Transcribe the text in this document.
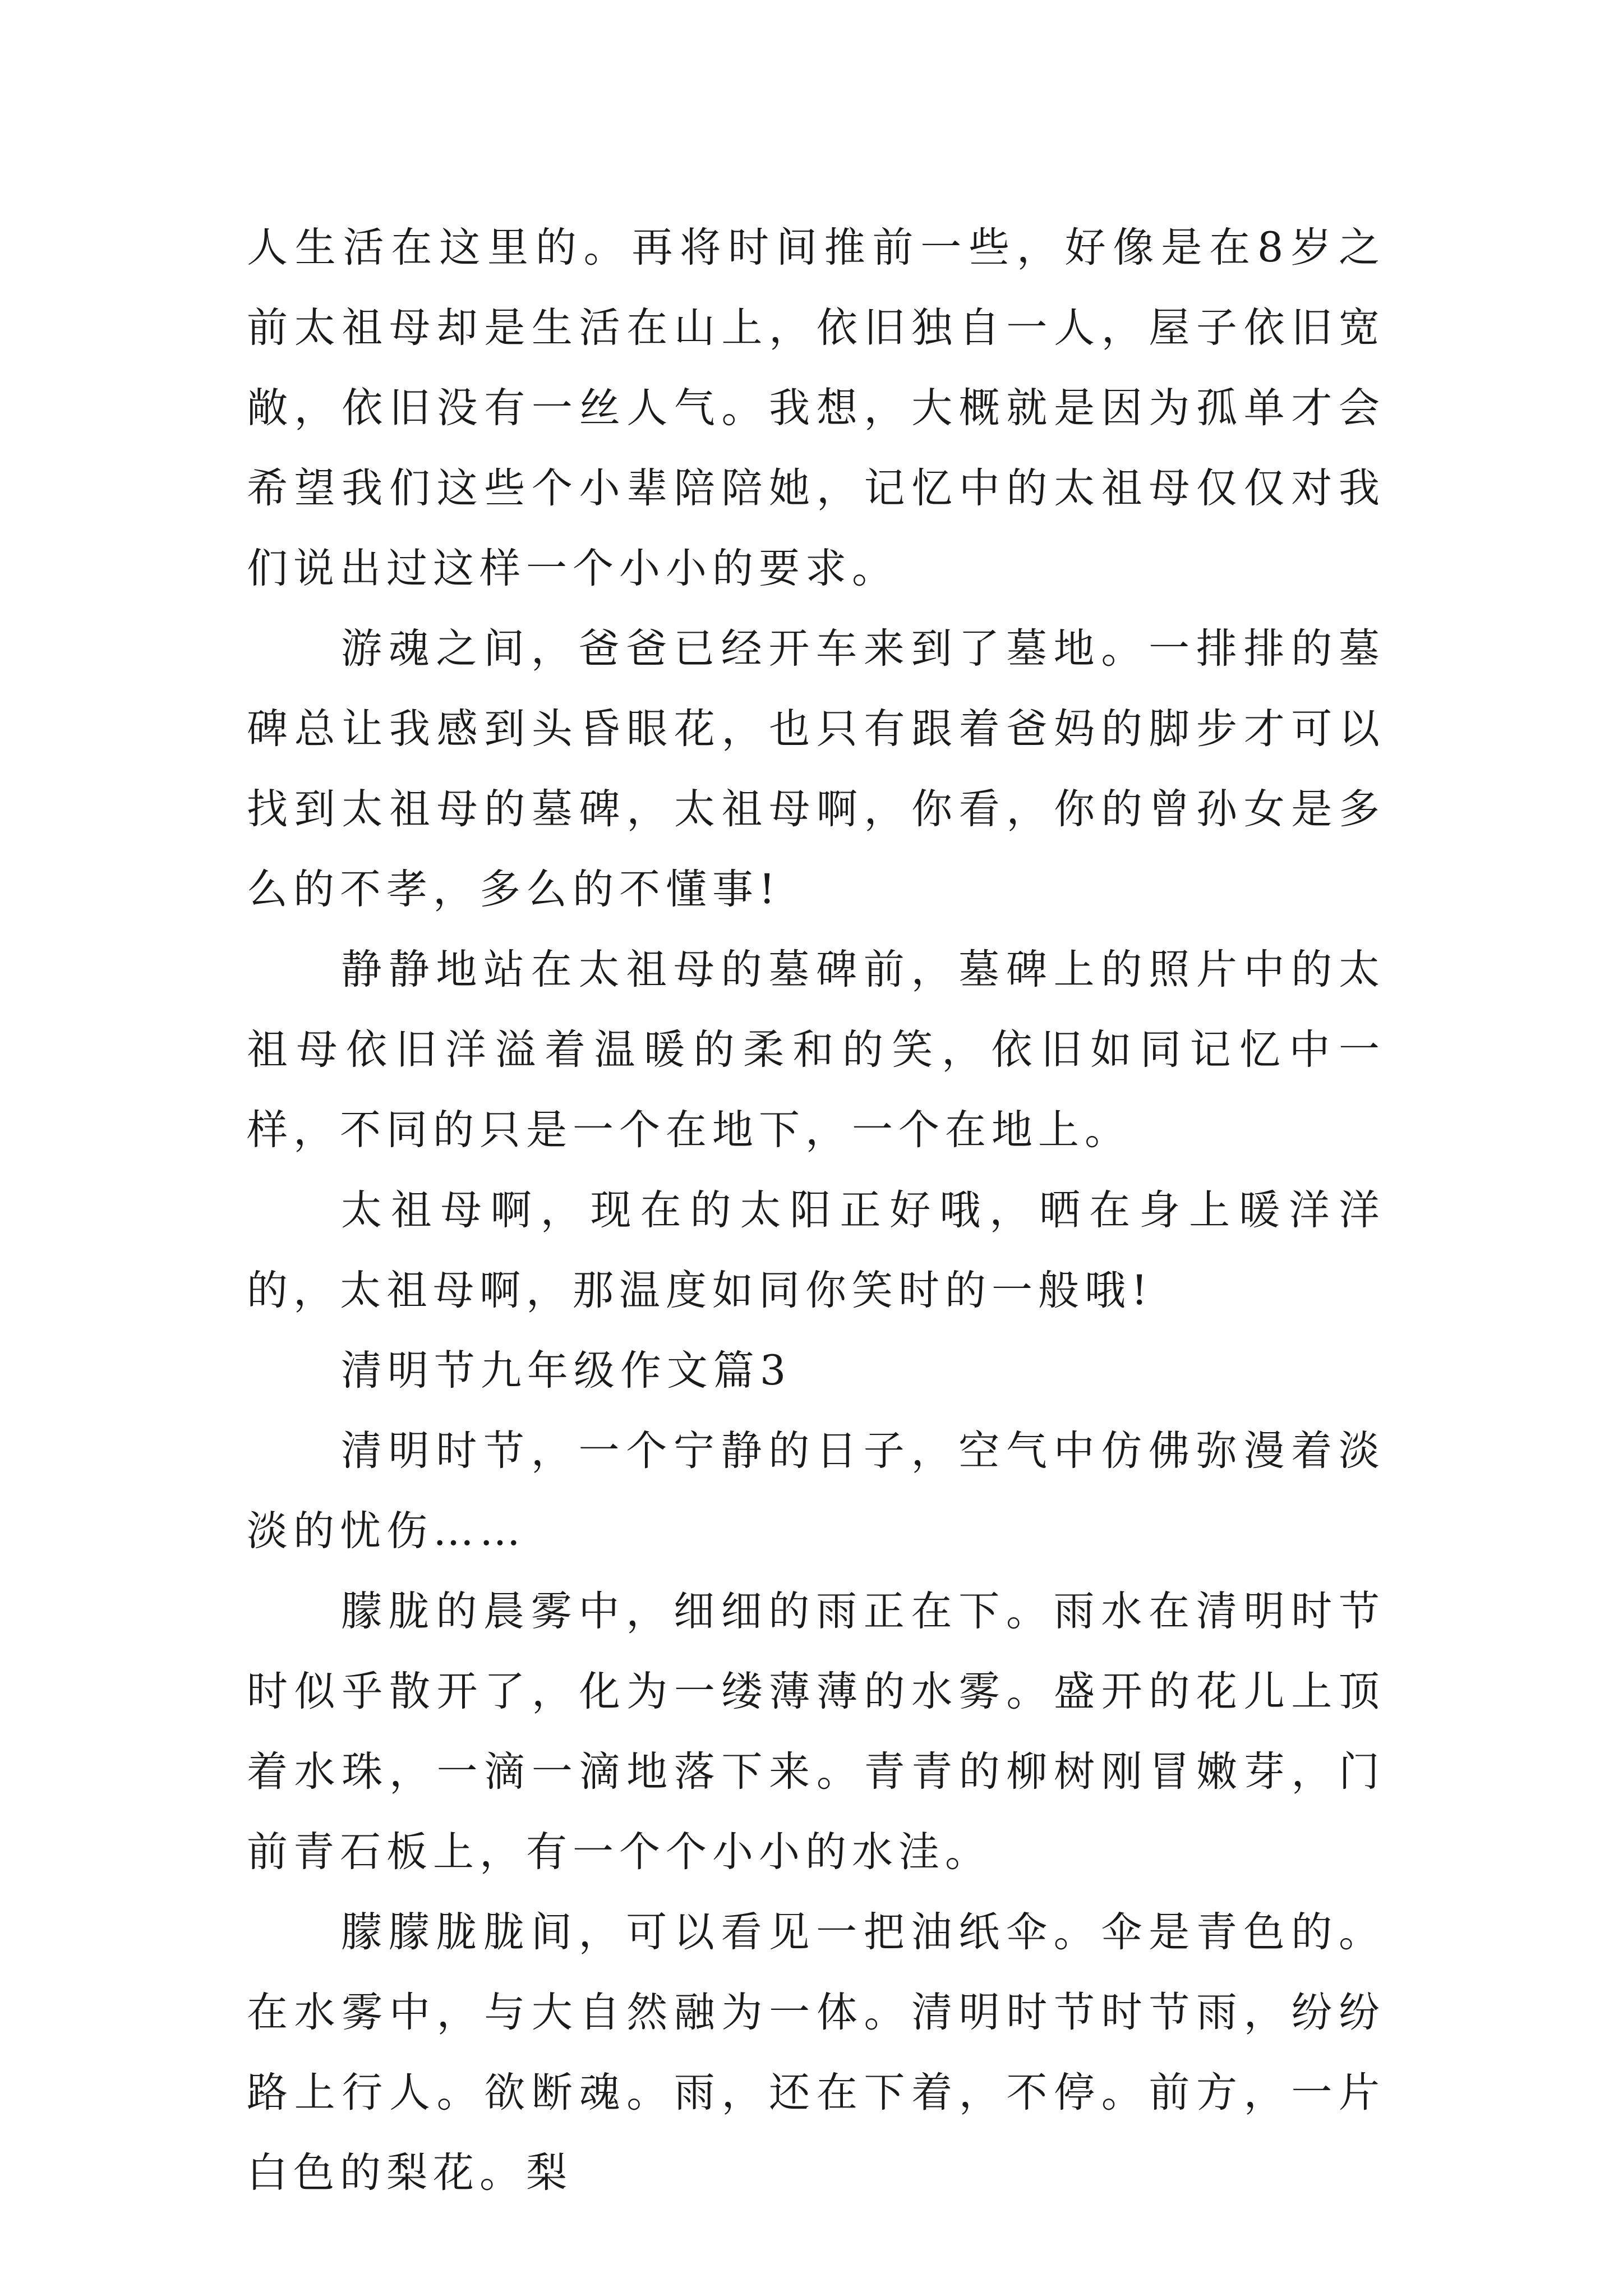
人生活在这里的。再将时间推前一些，好像是在8岁之前太祖母却是生活在山上，依旧独自一人，屋子依旧宽敞，依旧没有一丝人气。我想，大概就是因为孤单才会希望我们这些个小辈陪陪她，记忆中的太祖母仅仅对我们说出过这样一个小小的要求。

游魂之间，爸爸已经开车来到了墓地。一排排的墓碑总让我感到头昏眼花，也只有跟着爸妈的脚步才可以找到太祖母的墓碑，太祖母啊，你看，你的曾孙女是多么的不孝，多么的不懂事!

静静地站在太祖母的墓碑前，墓碑上的照片中的太祖母依旧洋溢着温暖的柔和的笑，依旧如同记忆中一样，不同的只是一个在地下，一个在地上。

太祖母啊，现在的太阳正好哦，晒在身上暖洋洋的，太祖母啊，那温度如同你笑时的一般哦!

清明节九年级作文篇3

清明时节，一个宁静的日子，空气中仿佛弥漫着淡淡的忧伤……

朦胧的晨雾中，细细的雨正在下。雨水在清明时节时似乎散开了，化为一缕薄薄的水雾。盛开的花儿上顶着水珠，一滴一滴地落下来。青青的柳树刚冒嫩芽，门前青石板上，有一个个小小的水洼。

朦朦胧胧间，可以看见一把油纸伞。伞是青色的。在水雾中，与大自然融为一体。清明时节时节雨，纷纷路上行人。欲断魂。雨，还在下着，不停。前方，一片白色的梨花。梨
